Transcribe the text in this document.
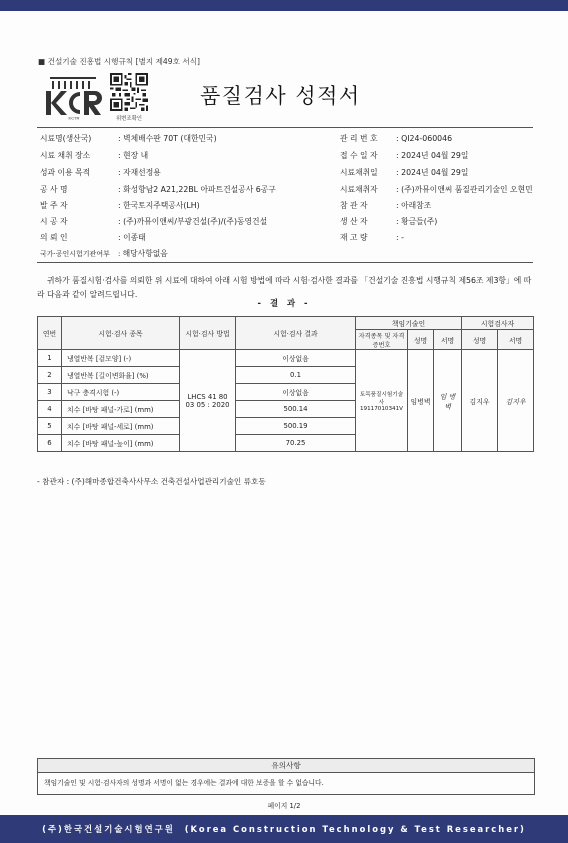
■ 건설기술 진흥법 시행규칙 [별지 제49호 서식]
KCTR	위변조확인
품질검사 성적서
시료명(생산국)	: 벽체배수판 70T (대한민국)
시료 채취 장소	: 현장 내
성과 이용 목적	: 자재선정용
공 사 명	: 화성향남2 A21,22BL 아파트건설공사 6공구
발 주 자	: 한국토지주택공사(LH)
시 공 자	: (주)까뮤이앤씨/부광건설(주)/(주)동영건설
의 뢰 인	: 이종태
국가·공인시험기관여부 : 해당사항없음
관 리 번 호 : QI24-060046
접 수 일 자 : 2024년 04월 29일
시료채취일 : 2024년 04월 29일
시료채취자 : (주)까뮤이앤씨 품질관리기술인 오현민
참 관 자	: 아래참조
생 산 자	: 황금들(주)
재 고 량	: -
귀하가 품질시험·검사를 의뢰한 위 시료에 대하여 아래 시험 방법에 따라 시험·검사한 결과를 「건설기술 진흥법 시행규칙 제56조 제3항」에 따라 다음과 같이 알려드립니다.
- 결 과 -
연번	시험·검사 종목	시험·검사 방법	시험·검사 결과	책임기술인			시험검사자	
				자격종목 및 자격증번호	성명	서명	성명	서명
1	냉열반복 [겉모양] (-)	LHCS 41 80 03 05 : 2020	이상없음	토목품질시험기술사 19117010341V	임병벽	임 병 벽	김지우	김지우
2	냉열반복 [길이변화율] (%)		0.1					
3	낙구 충격시험 (-)		이상없음					
4	치수 [바탕 패널-가로] (mm)		500.14					
5	치수 [바탕 패널-세로] (mm)		500.19					
6	치수 [바탕 패널-높이] (mm)		70.25					
- 참관자 : (주)해마종합건축사사무소 건축건설사업관리기술인 류호동
유의사항
책임기술인 및 시험·검사자의 성명과 서명이 없는 경우에는 결과에 대한 보증을 할 수 없습니다.
페이지 1/2
(주)한국건설기술시험연구원  (Korea Construction Technology & Test Researcher)
